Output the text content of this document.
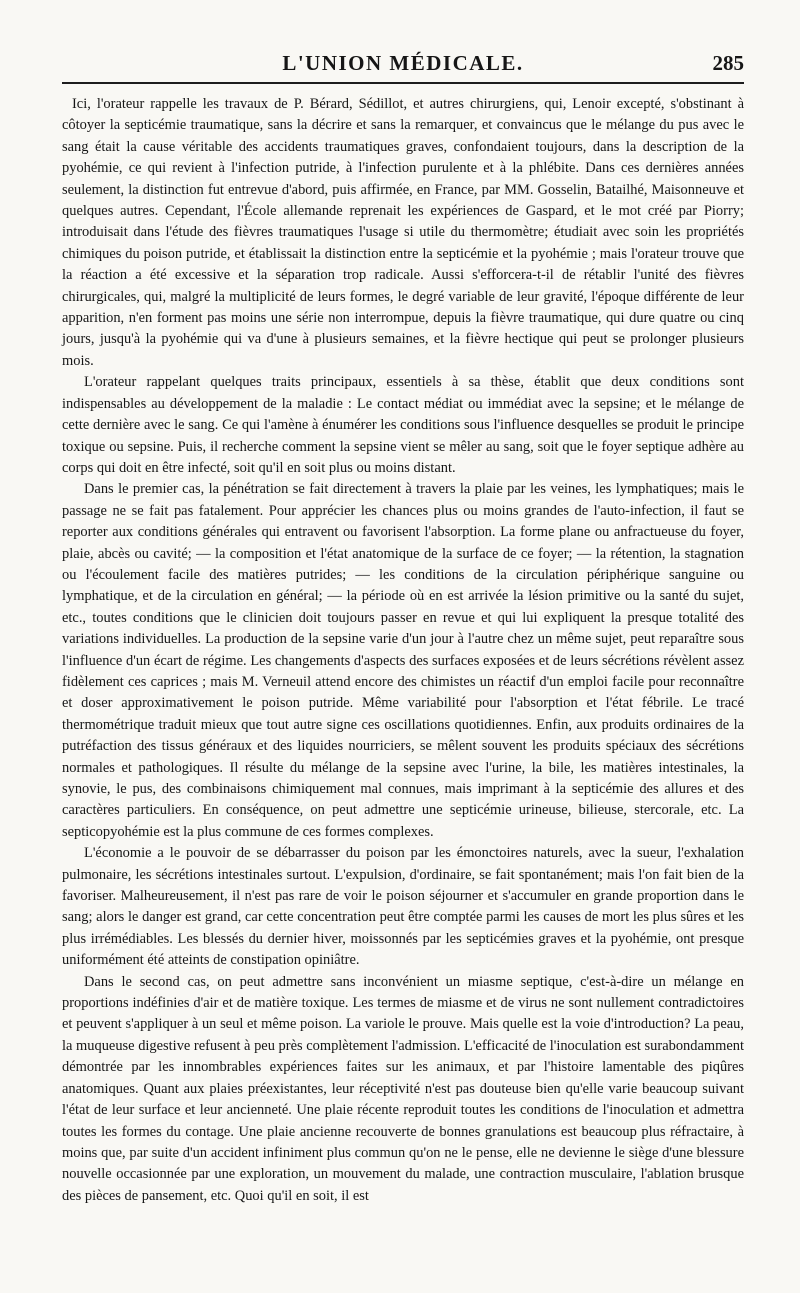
L'UNION MÉDICALE.	285

Ici, l'orateur rappelle les travaux de P. Bérard, Sédillot, et autres chirurgiens, qui, Lenoir excepté, s'obstinant à côtoyer la septicémie traumatique, sans la décrire et sans la remarquer, et convaincus que le mélange du pus avec le sang était la cause véritable des accidents traumatiques graves, confondaient toujours, dans la description de la pyohémie, ce qui revient à l'infection putride, à l'infection purulente et à la phlébite. Dans ces dernières années seulement, la distinction fut entrevue d'abord, puis affirmée, en France, par MM. Gosselin, Batailhé, Maisonneuve et quelques autres. Cependant, l'École allemande reprenait les expériences de Gaspard, et le mot créé par Piorry; introduisait dans l'étude des fièvres traumatiques l'usage si utile du thermomètre; étudiait avec soin les propriétés chimiques du poison putride, et établissait la distinction entre la septicémie et la pyohémie ; mais l'orateur trouve que la réaction a été excessive et la séparation trop radicale. Aussi s'efforcera-t-il de rétablir l'unité des fièvres chirurgicales, qui, malgré la multiplicité de leurs formes, le degré variable de leur gravité, l'époque différente de leur apparition, n'en forment pas moins une série non interrompue, depuis la fièvre traumatique, qui dure quatre ou cinq jours, jusqu'à la pyohémie qui va d'une à plusieurs semaines, et la fièvre hectique qui peut se prolonger plusieurs mois.

L'orateur rappelant quelques traits principaux, essentiels à sa thèse, établit que deux conditions sont indispensables au développement de la maladie : Le contact médiat ou immédiat avec la sepsine; et le mélange de cette dernière avec le sang. Ce qui l'amène à énumérer les conditions sous l'influence desquelles se produit le principe toxique ou sepsine. Puis, il recherche comment la sepsine vient se mêler au sang, soit que le foyer septique adhère au corps qui doit en être infecté, soit qu'il en soit plus ou moins distant.

Dans le premier cas, la pénétration se fait directement à travers la plaie par les veines, les lymphatiques; mais le passage ne se fait pas fatalement. Pour apprécier les chances plus ou moins grandes de l'auto-infection, il faut se reporter aux conditions générales qui entravent ou favorisent l'absorption. La forme plane ou anfractueuse du foyer, plaie, abcès ou cavité; — la composition et l'état anatomique de la surface de ce foyer; — la rétention, la stagnation ou l'écoulement facile des matières putrides; — les conditions de la circulation périphérique sanguine ou lymphatique, et de la circulation en général; — la période où en est arrivée la lésion primitive ou la santé du sujet, etc., toutes conditions que le clinicien doit toujours passer en revue et qui lui expliquent la presque totalité des variations individuelles. La production de la sepsine varie d'un jour à l'autre chez un même sujet, peut reparaître sous l'influence d'un écart de régime. Les changements d'aspects des surfaces exposées et de leurs sécrétions révèlent assez fidèlement ces caprices ; mais M. Verneuil attend encore des chimistes un réactif d'un emploi facile pour reconnaître et doser approximativement le poison putride. Même variabilité pour l'absorption et l'état fébrile. Le tracé thermométrique traduit mieux que tout autre signe ces oscillations quotidiennes. Enfin, aux produits ordinaires de la putréfaction des tissus généraux et des liquides nourriciers, se mêlent souvent les produits spéciaux des sécrétions normales et pathologiques. Il résulte du mélange de la sepsine avec l'urine, la bile, les matières intestinales, la synovie, le pus, des combinaisons chimiquement mal connues, mais imprimant à la septicémie des allures et des caractères particuliers. En conséquence, on peut admettre une septicémie urineuse, bilieuse, stercorale, etc. La septicopyohémie est la plus commune de ces formes complexes.

L'économie a le pouvoir de se débarrasser du poison par les émonctoires naturels, avec la sueur, l'exhalation pulmonaire, les sécrétions intestinales surtout. L'expulsion, d'ordinaire, se fait spontanément; mais l'on fait bien de la favoriser. Malheureusement, il n'est pas rare de voir le poison séjourner et s'accumuler en grande proportion dans le sang; alors le danger est grand, car cette concentration peut être comptée parmi les causes de mort les plus sûres et les plus irrémédiables. Les blessés du dernier hiver, moissonnés par les septicémies graves et la pyohémie, ont presque uniformément été atteints de constipation opiniâtre.

Dans le second cas, on peut admettre sans inconvénient un miasme septique, c'est-à-dire un mélange en proportions indéfinies d'air et de matière toxique. Les termes de miasme et de virus ne sont nullement contradictoires et peuvent s'appliquer à un seul et même poison. La variole le prouve. Mais quelle est la voie d'introduction? La peau, la muqueuse digestive refusent à peu près complètement l'admission. L'efficacité de l'inoculation est surabondamment démontrée par les innombrables expériences faites sur les animaux, et par l'histoire lamentable des piqûres anatomiques. Quant aux plaies préexistantes, leur réceptivité n'est pas douteuse bien qu'elle varie beaucoup suivant l'état de leur surface et leur ancienneté. Une plaie récente reproduit toutes les conditions de l'inoculation et admettra toutes les formes du contage. Une plaie ancienne recouverte de bonnes granulations est beaucoup plus réfractaire, à moins que, par suite d'un accident infiniment plus commun qu'on ne le pense, elle ne devienne le siège d'une blessure nouvelle occasionnée par une exploration, un mouvement du malade, une contraction musculaire, l'ablation brusque des pièces de pansement, etc. Quoi qu'il en soit, il est
